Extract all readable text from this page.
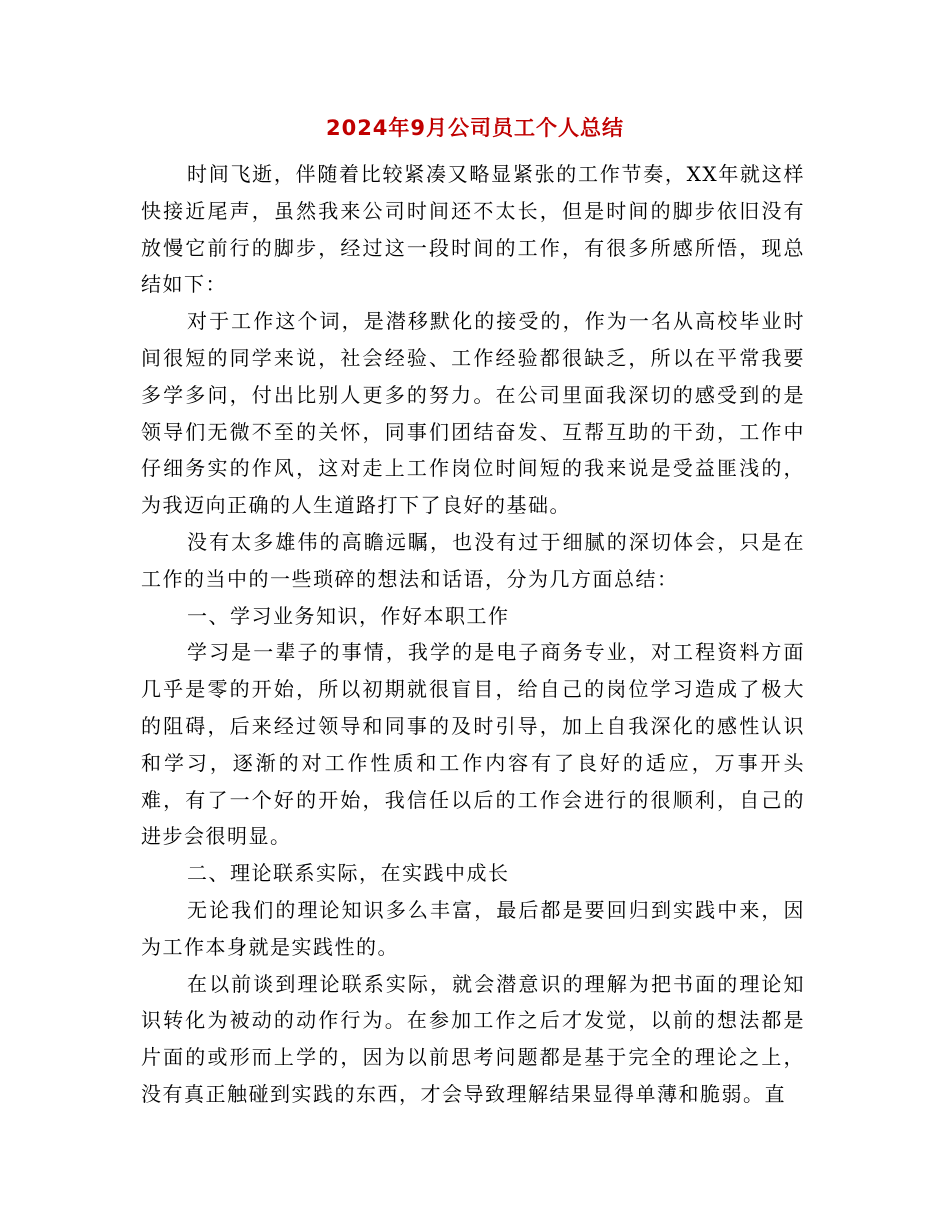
2024年9月公司员工个人总结

时间飞逝，伴随着比较紧凑又略显紧张的工作节奏，XX年就这样快接近尾声，虽然我来公司时间还不太长，但是时间的脚步依旧没有放慢它前行的脚步，经过这一段时间的工作，有很多所感所悟，现总结如下：

对于工作这个词，是潜移默化的接受的，作为一名从高校毕业时间很短的同学来说，社会经验、工作经验都很缺乏，所以在平常我要多学多问，付出比别人更多的努力。在公司里面我深切的感受到的是领导们无微不至的关怀，同事们团结奋发、互帮互助的干劲，工作中仔细务实的作风，这对走上工作岗位时间短的我来说是受益匪浅的，为我迈向正确的人生道路打下了良好的基础。

没有太多雄伟的高瞻远瞩，也没有过于细腻的深切体会，只是在工作的当中的一些琐碎的想法和话语，分为几方面总结：

一、学习业务知识，作好本职工作

学习是一辈子的事情，我学的是电子商务专业，对工程资料方面几乎是零的开始，所以初期就很盲目，给自己的岗位学习造成了极大的阻碍，后来经过领导和同事的及时引导，加上自我深化的感性认识和学习，逐渐的对工作性质和工作内容有了良好的适应，万事开头难，有了一个好的开始，我信任以后的工作会进行的很顺利，自己的进步会很明显。

二、理论联系实际，在实践中成长

无论我们的理论知识多么丰富，最后都是要回归到实践中来，因为工作本身就是实践性的。

在以前谈到理论联系实际，就会潜意识的理解为把书面的理论知识转化为被动的动作行为。在参加工作之后才发觉，以前的想法都是片面的或形而上学的，因为以前思考问题都是基于完全的理论之上，没有真正触碰到实践的东西，才会导致理解结果显得单薄和脆弱。直
